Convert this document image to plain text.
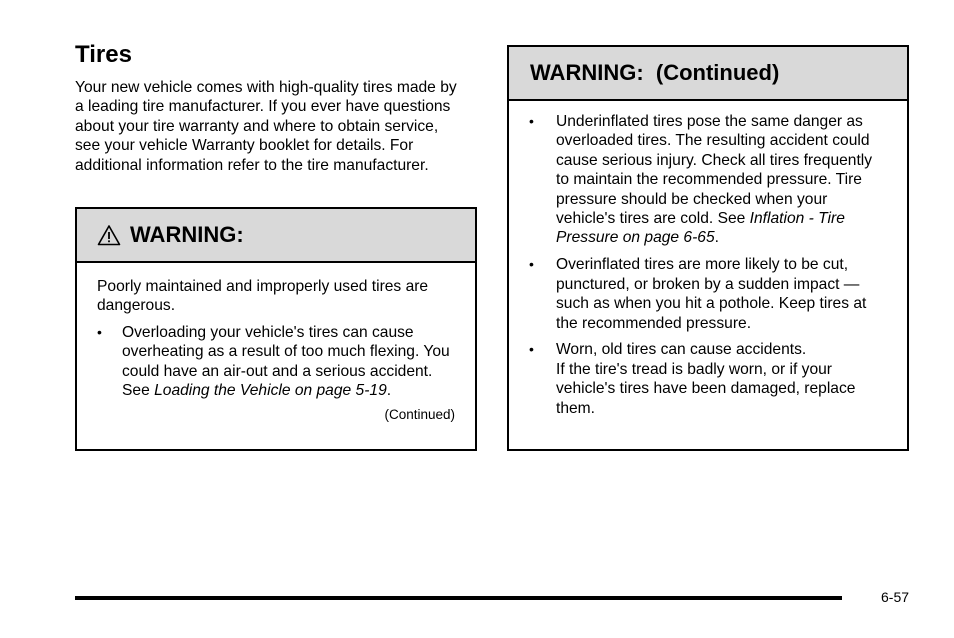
Tires

Your new vehicle comes with high-quality tires made by a leading tire manufacturer. If you ever have questions about your tire warranty and where to obtain service, see your vehicle Warranty booklet for details. For additional information refer to the tire manufacturer.

WARNING:

Poorly maintained and improperly used tires are dangerous.

• Overloading your vehicle's tires can cause overheating as a result of too much flexing. You could have an air-out and a serious accident. See Loading the Vehicle on page 5-19.
(Continued)
WARNING:  (Continued)
• Underinflated tires pose the same danger as overloaded tires. The resulting accident could cause serious injury. Check all tires frequently to maintain the recommended pressure. Tire pressure should be checked when your vehicle's tires are cold. See Inflation - Tire Pressure on page 6-65.
• Overinflated tires are more likely to be cut, punctured, or broken by a sudden impact — such as when you hit a pothole. Keep tires at the recommended pressure.
• Worn, old tires can cause accidents.
If the tire's tread is badly worn, or if your vehicle's tires have been damaged, replace them.
6-57
